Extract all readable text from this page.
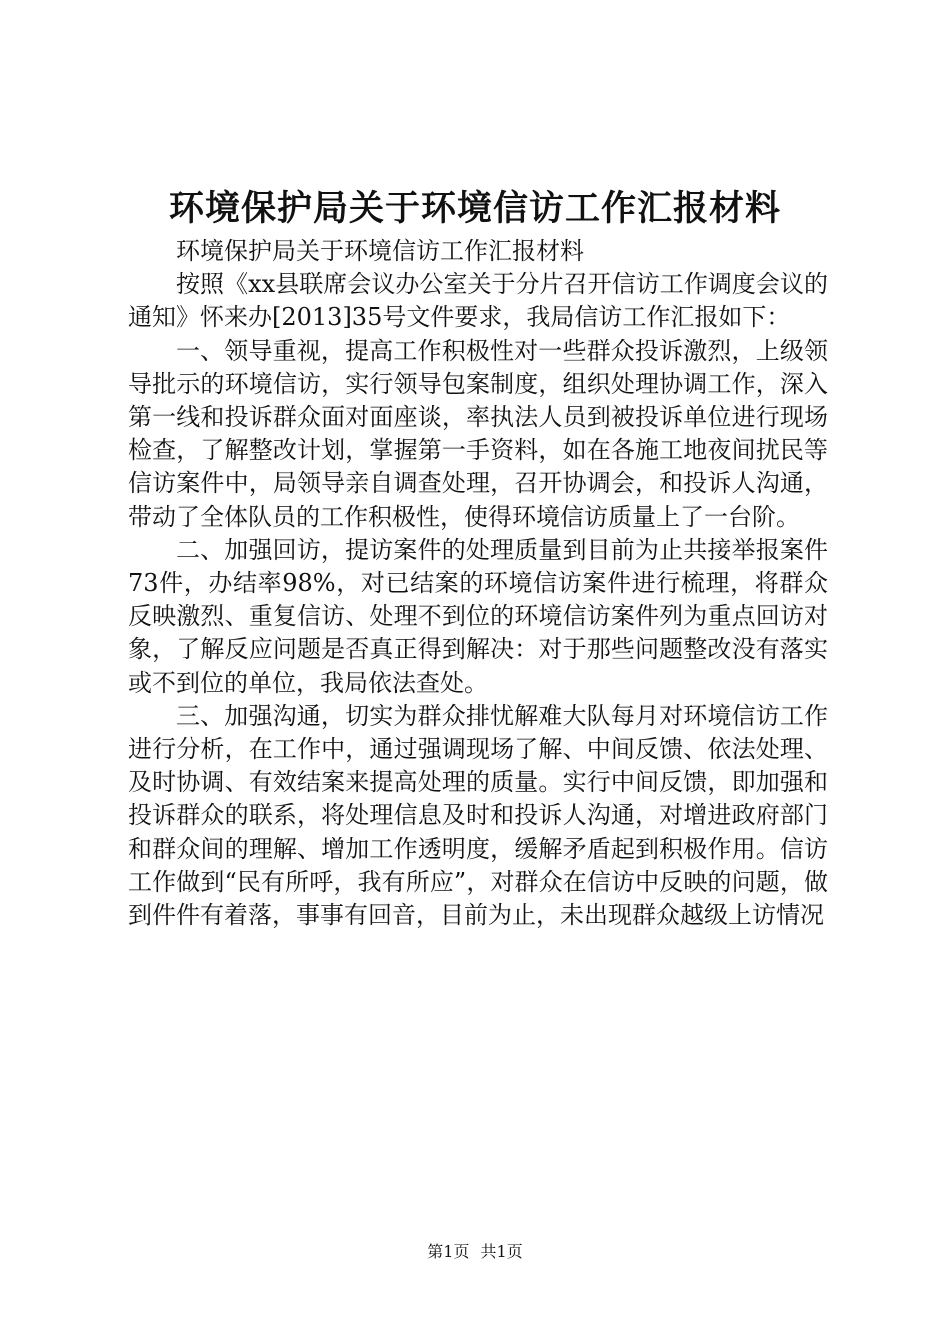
环境保护局关于环境信访工作汇报材料

环境保护局关于环境信访工作汇报材料

按照《xx县联席会议办公室关于分片召开信访工作调度会议的通知》怀来办[2013]35号文件要求，我局信访工作汇报如下：

一、领导重视，提高工作积极性对一些群众投诉激烈，上级领导批示的环境信访，实行领导包案制度，组织处理协调工作，深入第一线和投诉群众面对面座谈，率执法人员到被投诉单位进行现场检查，了解整改计划，掌握第一手资料，如在各施工地夜间扰民等信访案件中，局领导亲自调查处理，召开协调会，和投诉人沟通，带动了全体队员的工作积极性，使得环境信访质量上了一台阶。

二、加强回访，提访案件的处理质量到目前为止共接举报案件73件，办结率98%，对已结案的环境信访案件进行梳理，将群众反映激烈、重复信访、处理不到位的环境信访案件列为重点回访对象，了解反应问题是否真正得到解决：对于那些问题整改没有落实或不到位的单位，我局依法查处。

三、加强沟通，切实为群众排忧解难大队每月对环境信访工作进行分析，在工作中，通过强调现场了解、中间反馈、依法处理、及时协调、有效结案来提高处理的质量。实行中间反馈，即加强和投诉群众的联系，将处理信息及时和投诉人沟通，对增进政府部门和群众间的理解、增加工作透明度，缓解矛盾起到积极作用。信访工作做到“民有所呼，我有所应”，对群众在信访中反映的问题，做到件件有着落，事事有回音，目前为止，未出现群众越级上访情况

第1页 共1页
